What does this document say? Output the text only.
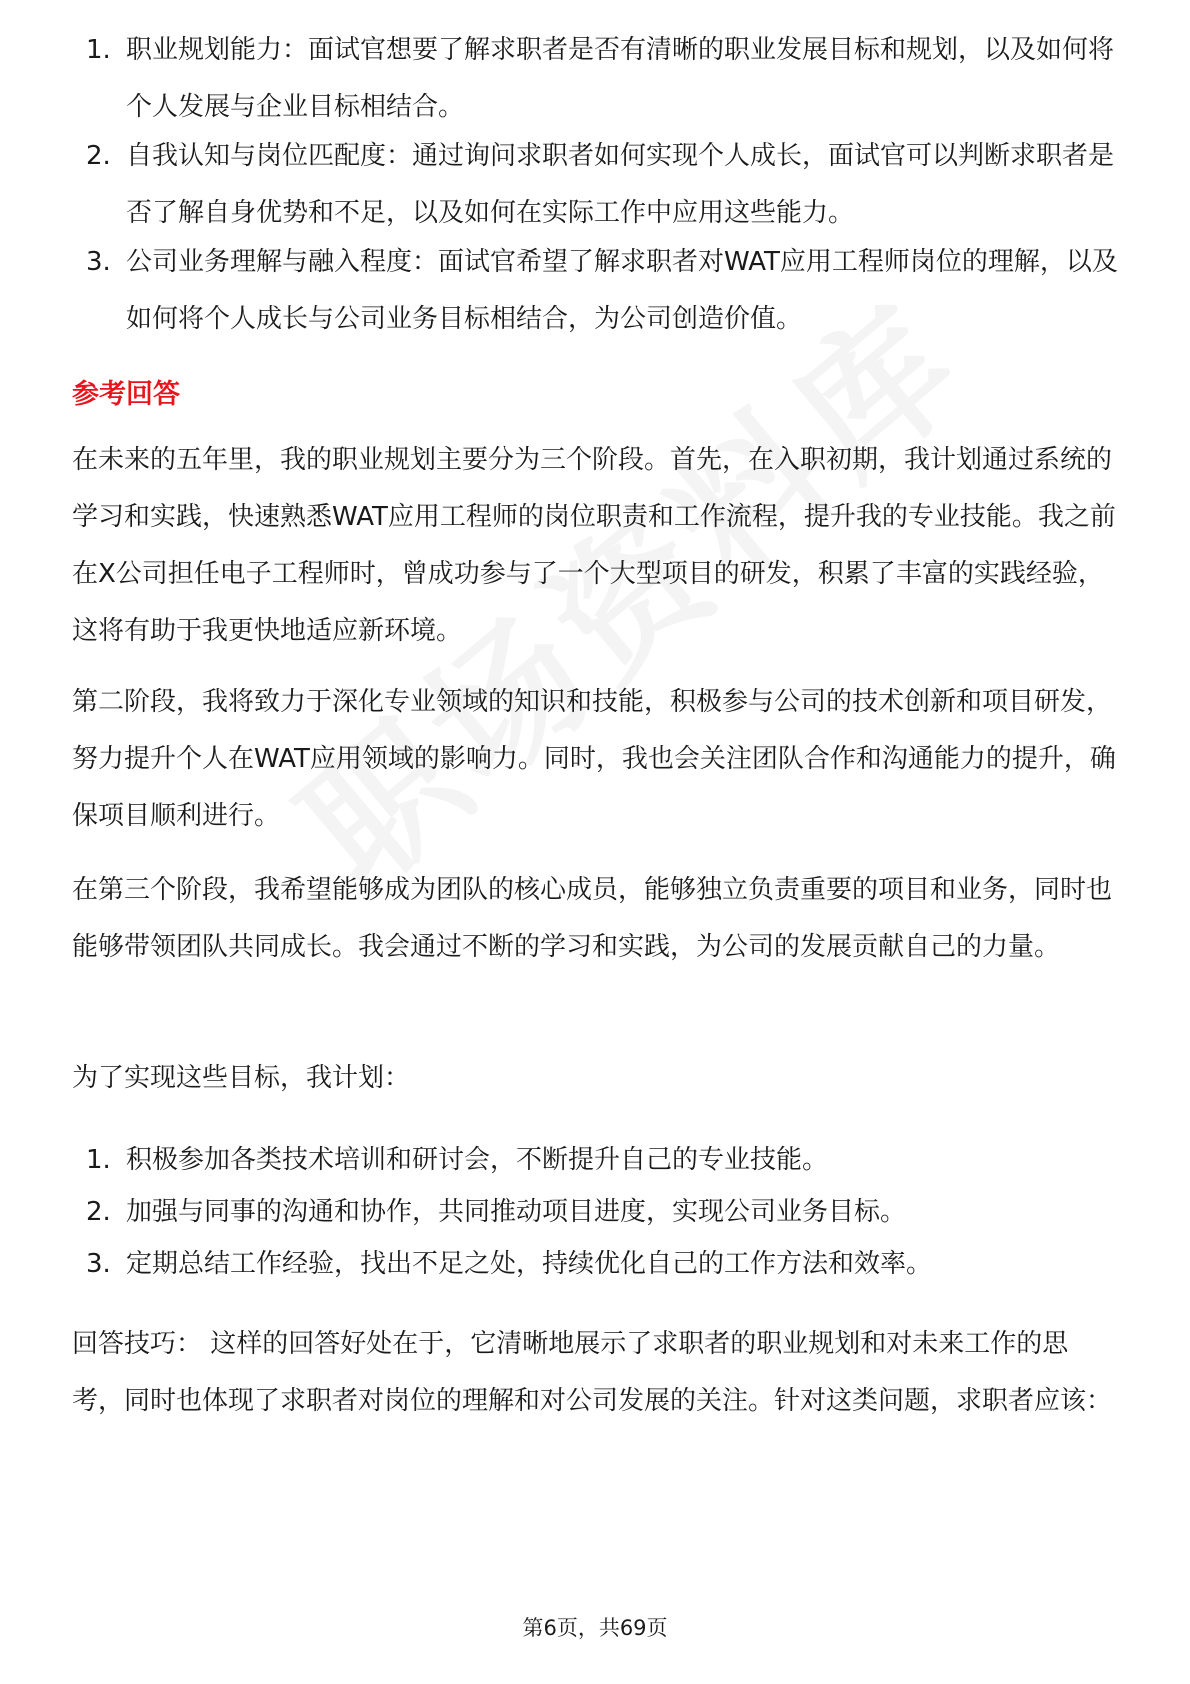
1. 职业规划能力：面试官想要了解求职者是否有清晰的职业发展目标和规划，以及如何将个人发展与企业目标相结合。
2. 自我认知与岗位匹配度：通过询问求职者如何实现个人成长，面试官可以判断求职者是否了解自身优势和不足，以及如何在实际工作中应用这些能力。
3. 公司业务理解与融入程度：面试官希望了解求职者对WAT应用工程师岗位的理解，以及如何将个人成长与公司业务目标相结合，为公司创造价值。
参考回答
在未来的五年里，我的职业规划主要分为三个阶段。首先，在入职初期，我计划通过系统的学习和实践，快速熟悉WAT应用工程师的岗位职责和工作流程，提升我的专业技能。我之前在X公司担任电子工程师时，曾成功参与了一个大型项目的研发，积累了丰富的实践经验，这将有助于我更快地适应新环境。
第二阶段，我将致力于深化专业领域的知识和技能，积极参与公司的技术创新和项目研发，努力提升个人在WAT应用领域的影响力。同时，我也会关注团队合作和沟通能力的提升，确保项目顺利进行。
在第三个阶段，我希望能够成为团队的核心成员，能够独立负责重要的项目和业务，同时也能够带领团队共同成长。我会通过不断的学习和实践，为公司的发展贡献自己的力量。
为了实现这些目标，我计划：
1. 积极参加各类技术培训和研讨会，不断提升自己的专业技能。
2. 加强与同事的沟通和协作，共同推动项目进度，实现公司业务目标。
3. 定期总结工作经验，找出不足之处，持续优化自己的工作方法和效率。
回答技巧： 这样的回答好处在于，它清晰地展示了求职者的职业规划和对未来工作的思考，同时也体现了求职者对岗位的理解和对公司发展的关注。针对这类问题，求职者应该：
第6页，共69页
